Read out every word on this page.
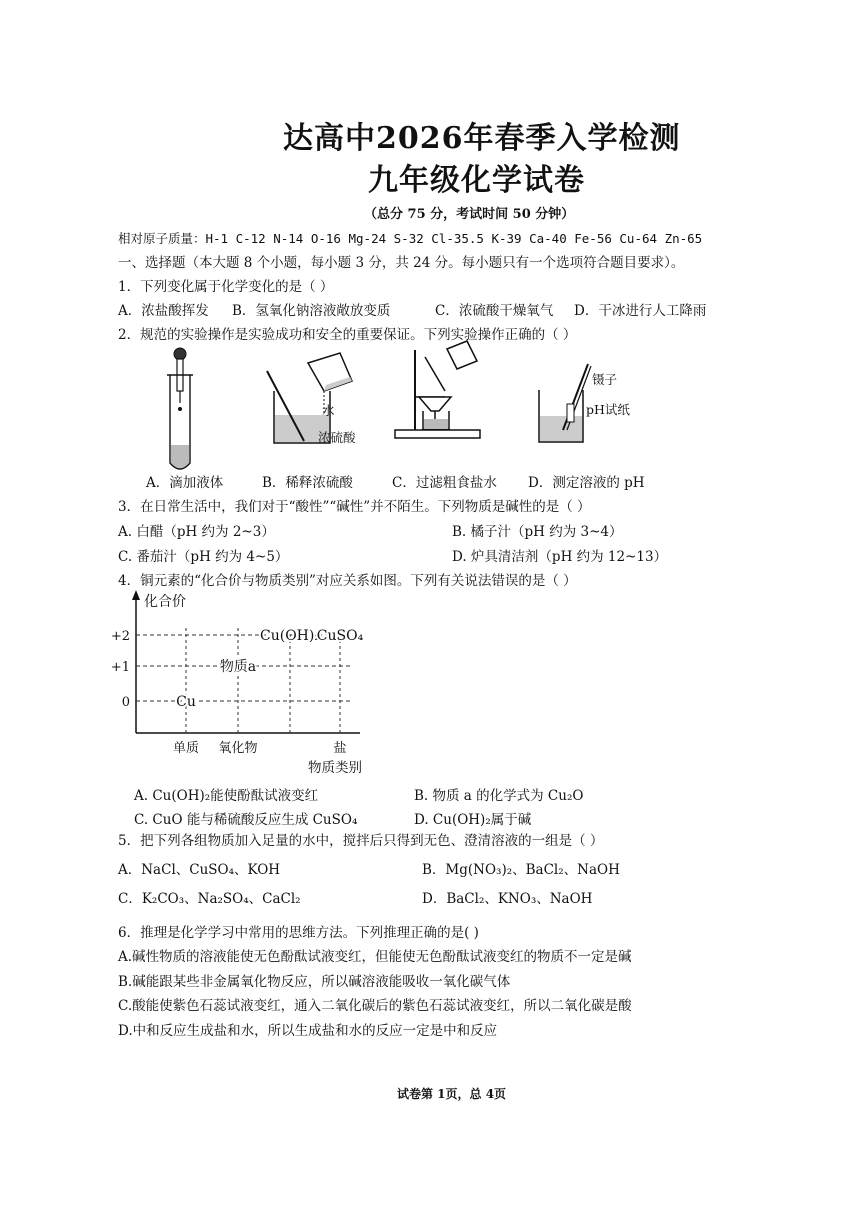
达高中2026年春季入学检测
九年级化学试卷
（总分 75 分，考试时间 50 分钟）
相对原子质量：H-1 C-12 N-14 O-16 Mg-24 S-32 Cl-35.5 K-39 Ca-40 Fe-56 Cu-64 Zn-65
一、选择题（本大题 8 个小题，每小题 3 分，共 24 分。每小题只有一个选项符合题目要求）。
1．下列变化属于化学变化的是（ ）
A．浓盐酸挥发 B．氢氧化钠溶液敞放变质	C．浓硫酸干燥氧气 D．干冰进行人工降雨
2．规范的实验操作是实验成功和安全的重要保证。下列实验操作正确的（ ）
水
浓硫酸
镊子
pH试纸
A．滴加液体	B．稀释浓硫酸	C．过滤粗食盐水 D．测定溶液的 pH
3．在日常生活中，我们对于“酸性”“碱性”并不陌生。下列物质是碱性的是（ ）
A. 白醋（pH 约为 2~3）	B. 橘子汁（pH 约为 3~4）
C. 番茄汁（pH 约为 4~5）	D. 炉具清洁剂（pH 约为 12~13）
4．铜元素的“化合价与物质类别”对应关系如图。下列有关说法错误的是（ ）
化合价
+2
+1
0
单质 氧化物	盐
Cu
物质a
Cu(OH)₂
CuSO₄
物质类别
A. Cu(OH)₂能使酚酞试液变红	B. 物质 a 的化学式为 Cu₂O
C. CuO 能与稀硫酸反应生成 CuSO₄	D. Cu(OH)₂属于碱
5．把下列各组物质加入足量的水中，搅拌后只得到无色、澄清溶液的一组是（ ）
A．NaCl、CuSO₄、KOH	B．Mg(NO₃)₂、BaCl₂、NaOH
C．K₂CO₃、Na₂SO₄、CaCl₂	D．BaCl₂、KNO₃、NaOH
6．推理是化学学习中常用的思维方法。下列推理正确的是( )
A.碱性物质的溶液能使无色酚酞试液变红，但能使无色酚酞试液变红的物质不一定是碱
B.碱能跟某些非金属氧化物反应，所以碱溶液能吸收一氧化碳气体
C.酸能使紫色石蕊试液变红，通入二氧化碳后的紫色石蕊试液变红，所以二氧化碳是酸
D.中和反应生成盐和水，所以生成盐和水的反应一定是中和反应
试卷第 1页，总 4页
